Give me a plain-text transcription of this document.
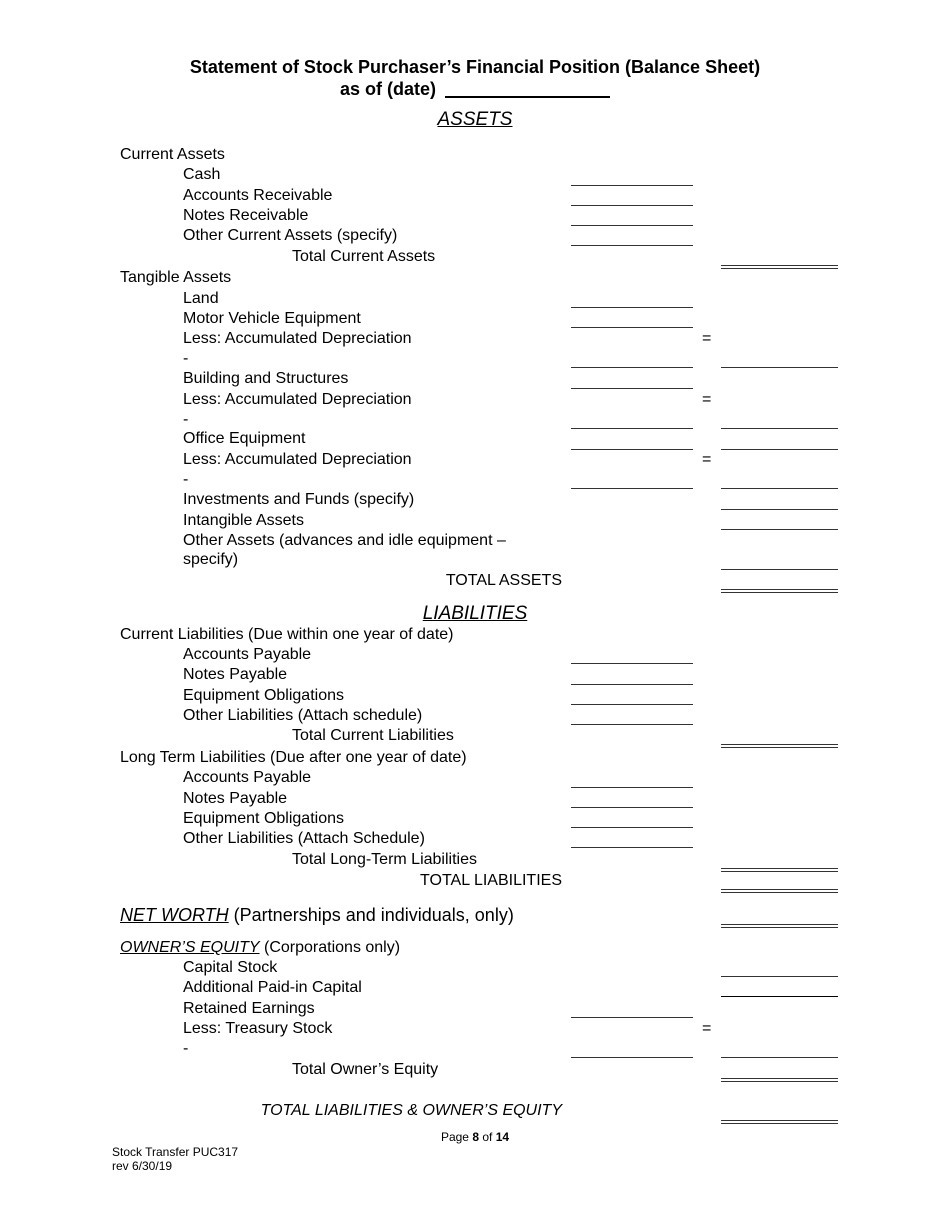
Statement of Stock Purchaser’s Financial Position (Balance Sheet)
as of (date)
ASSETS
Current Assets
Cash
Accounts Receivable
Notes Receivable
Other Current Assets (specify)
Total Current Assets
Tangible Assets
Land
Motor Vehicle Equipment
Less: Accumulated Depreciation	=
-
Building and Structures
Less: Accumulated Depreciation	=
-
Office Equipment
Less: Accumulated Depreciation	=
-
Investments and Funds (specify)
Intangible Assets
Other Assets (advances and idle equipment –
specify)
TOTAL ASSETS
LIABILITIES
Current Liabilities (Due within one year of date)
Accounts Payable
Notes Payable
Equipment Obligations
Other Liabilities (Attach schedule)
Total Current Liabilities
Long Term Liabilities (Due after one year of date)
Accounts Payable
Notes Payable
Equipment Obligations
Other Liabilities (Attach Schedule)
Total Long-Term Liabilities
TOTAL LIABILITIES
NET WORTH (Partnerships and individuals, only)
OWNER’S EQUITY (Corporations only)
Capital Stock
Additional Paid-in Capital
Retained Earnings
Less: Treasury Stock	=
-
Total Owner’s Equity
TOTAL LIABILITIES & OWNER’S EQUITY
Page 8 of 14
Stock Transfer PUC317
rev 6/30/19
